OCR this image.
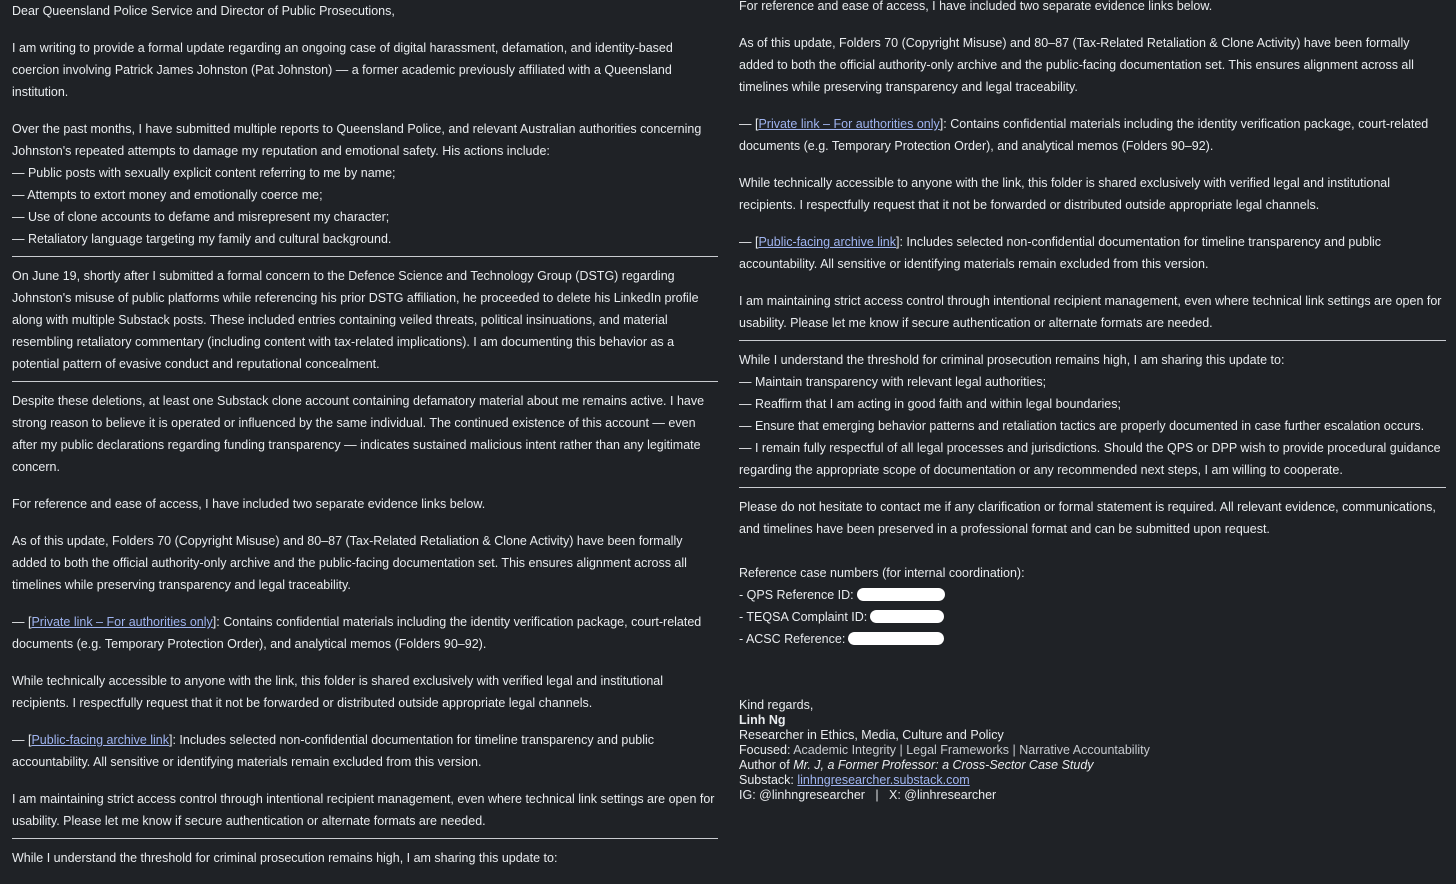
Dear Queensland Police Service and Director of Public Prosecutions,

I am writing to provide a formal update regarding an ongoing case of digital harassment, defamation, and identity-based coercion involving Patrick James Johnston (Pat Johnston) — a former academic previously affiliated with a Queensland institution.

Over the past months, I have submitted multiple reports to Queensland Police, and relevant Australian authorities concerning Johnston's repeated attempts to damage my reputation and emotional safety. His actions include:
— Public posts with sexually explicit content referring to me by name;
— Attempts to extort money and emotionally coerce me;
— Use of clone accounts to defame and misrepresent my character;
— Retaliatory language targeting my family and cultural background.

On June 19, shortly after I submitted a formal concern to the Defence Science and Technology Group (DSTG) regarding Johnston's misuse of public platforms while referencing his prior DSTG affiliation, he proceeded to delete his LinkedIn profile along with multiple Substack posts. These included entries containing veiled threats, political insinuations, and material resembling retaliatory commentary (including content with tax-related implications). I am documenting this behavior as a potential pattern of evasive conduct and reputational concealment.

Despite these deletions, at least one Substack clone account containing defamatory material about me remains active. I have strong reason to believe it is operated or influenced by the same individual. The continued existence of this account — even after my public declarations regarding funding transparency — indicates sustained malicious intent rather than any legitimate concern.

For reference and ease of access, I have included two separate evidence links below.

As of this update, Folders 70 (Copyright Misuse) and 80–87 (Tax-Related Retaliation & Clone Activity) have been formally added to both the official authority-only archive and the public-facing documentation set. This ensures alignment across all timelines while preserving transparency and legal traceability.

— [Private link – For authorities only]: Contains confidential materials including the identity verification package, court-related documents (e.g. Temporary Protection Order), and analytical memos (Folders 90–92).

While technically accessible to anyone with the link, this folder is shared exclusively with verified legal and institutional recipients. I respectfully request that it not be forwarded or distributed outside appropriate legal channels.

— [Public-facing archive link]: Includes selected non-confidential documentation for timeline transparency and public accountability. All sensitive or identifying materials remain excluded from this version.

I am maintaining strict access control through intentional recipient management, even where technical link settings are open for usability. Please let me know if secure authentication or alternate formats are needed.

While I understand the threshold for criminal prosecution remains high, I am sharing this update to:

For reference and ease of access, I have included two separate evidence links below.

As of this update, Folders 70 (Copyright Misuse) and 80–87 (Tax-Related Retaliation & Clone Activity) have been formally added to both the official authority-only archive and the public-facing documentation set. This ensures alignment across all timelines while preserving transparency and legal traceability.

— [Private link – For authorities only]: Contains confidential materials including the identity verification package, court-related documents (e.g. Temporary Protection Order), and analytical memos (Folders 90–92).

While technically accessible to anyone with the link, this folder is shared exclusively with verified legal and institutional recipients. I respectfully request that it not be forwarded or distributed outside appropriate legal channels.

— [Public-facing archive link]: Includes selected non-confidential documentation for timeline transparency and public accountability. All sensitive or identifying materials remain excluded from this version.

I am maintaining strict access control through intentional recipient management, even where technical link settings are open for usability. Please let me know if secure authentication or alternate formats are needed.

While I understand the threshold for criminal prosecution remains high, I am sharing this update to:
— Maintain transparency with relevant legal authorities;
— Reaffirm that I am acting in good faith and within legal boundaries;
— Ensure that emerging behavior patterns and retaliation tactics are properly documented in case further escalation occurs.
— I remain fully respectful of all legal processes and jurisdictions. Should the QPS or DPP wish to provide procedural guidance regarding the appropriate scope of documentation or any recommended next steps, I am willing to cooperate.

Please do not hesitate to contact me if any clarification or formal statement is required. All relevant evidence, communications, and timelines have been preserved in a professional format and can be submitted upon request.

Reference case numbers (for internal coordination):
- QPS Reference ID:
- TEQSA Complaint ID:
- ACSC Reference:
Kind regards,
Linh Ng
Researcher in Ethics, Media, Culture and Policy
Focused: Academic Integrity | Legal Frameworks | Narrative Accountability
Author of Mr. J, a Former Professor: a Cross-Sector Case Study
Substack: linhngresearcher.substack.com
IG: @linhngresearcher   |   X: @linhresearcher
